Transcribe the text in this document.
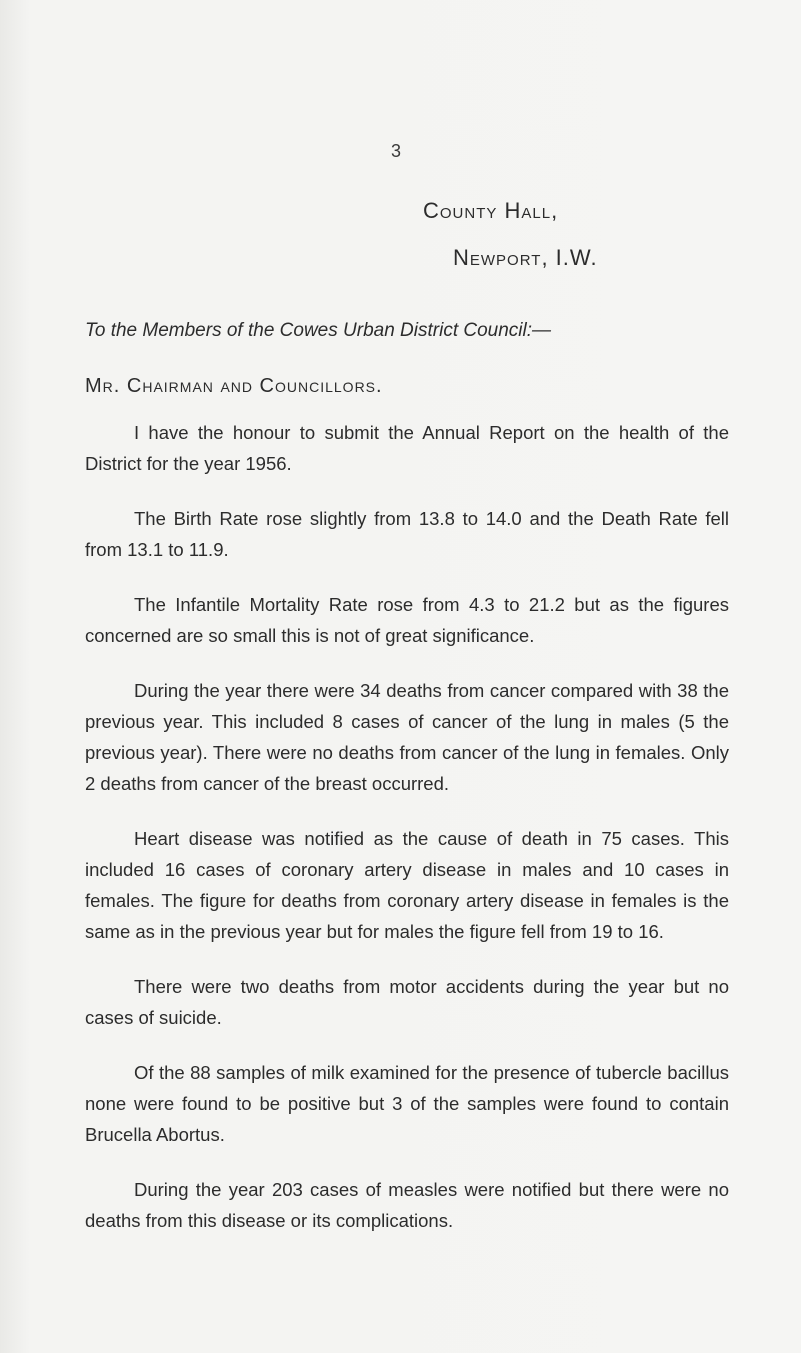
3
County Hall,
Newport, I.W.
To the Members of the Cowes Urban District Council:—
Mr. Chairman and Councillors.

I have the honour to submit the Annual Report on the health of the District for the year 1956.

The Birth Rate rose slightly from 13.8 to 14.0 and the Death Rate fell from 13.1 to 11.9.

The Infantile Mortality Rate rose from 4.3 to 21.2 but as the figures concerned are so small this is not of great significance.

During the year there were 34 deaths from cancer compared with 38 the previous year. This included 8 cases of cancer of the lung in males (5 the previous year). There were no deaths from cancer of the lung in females. Only 2 deaths from cancer of the breast occurred.

Heart disease was notified as the cause of death in 75 cases. This included 16 cases of coronary artery disease in males and 10 cases in females. The figure for deaths from coronary artery disease in females is the same as in the previous year but for males the figure fell from 19 to 16.

There were two deaths from motor accidents during the year but no cases of suicide.

Of the 88 samples of milk examined for the presence of tubercle bacillus none were found to be positive but 3 of the samples were found to contain Brucella Abortus.

During the year 203 cases of measles were notified but there were no deaths from this disease or its complications.
